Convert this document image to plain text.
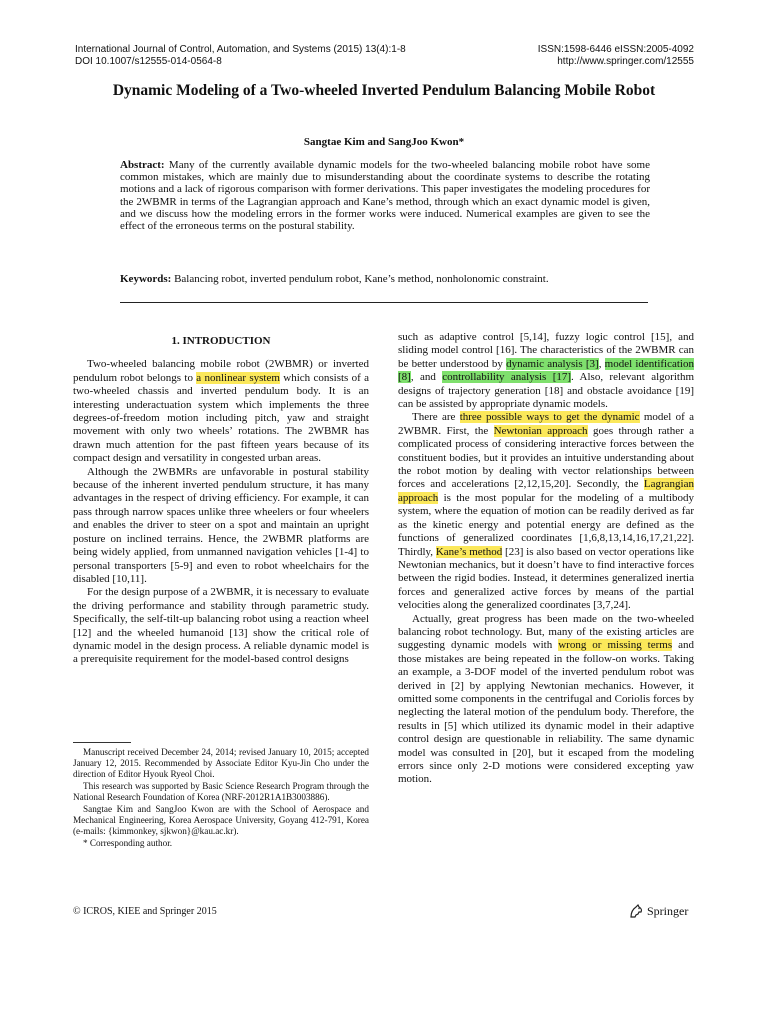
International Journal of Control, Automation, and Systems (2015) 13(4):1-8
DOI 10.1007/s12555-014-0564-8
ISSN:1598-6446 eISSN:2005-4092
http://www.springer.com/12555
Dynamic Modeling of a Two-wheeled Inverted Pendulum Balancing Mobile Robot
Sangtae Kim and SangJoo Kwon*
Abstract: Many of the currently available dynamic models for the two-wheeled balancing mobile robot have some common mistakes, which are mainly due to misunderstanding about the coordinate systems to describe the rotating motions and a lack of rigorous comparison with former derivations. This paper investigates the modeling procedures for the 2WBMR in terms of the Lagrangian approach and Kane’s method, through which an exact dynamic model is given, and we discuss how the modeling errors in the former works were induced. Numerical examples are given to see the effect of the erroneous terms on the postural stability.
Keywords: Balancing robot, inverted pendulum robot, Kane’s method, nonholonomic constraint.

1. INTRODUCTION

Two-wheeled balancing mobile robot (2WBMR) or inverted pendulum robot belongs to a nonlinear system which consists of a two-wheeled chassis and inverted pendulum body. It is an interesting underactuation system which implements the three degrees-of-freedom motion including pitch, yaw and straight movement with only two wheels’ rotations. The 2WBMR has drawn much attention for the past fifteen years because of its compact design and versatility in congested urban areas.

Although the 2WBMRs are unfavorable in postural stability because of the inherent inverted pendulum structure, it has many advantages in the respect of driving efficiency. For example, it can pass through narrow spaces unlike three wheelers or four wheelers and enables the driver to steer on a spot and maintain an upright posture on inclined terrains. Hence, the 2WBMR platforms are being widely applied, from unmanned navigation vehicles [1-4] to personal transporters [5-9] and even to robot wheelchairs for the disabled [10,11].

For the design purpose of a 2WBMR, it is necessary to evaluate the driving performance and stability through parametric study. Specifically, the self-tilt-up balancing robot using a reaction wheel [12] and the wheeled humanoid [13] show the critical role of dynamic model in the design process. A reliable dynamic model is a prerequisite requirement for the model-based control designs

Manuscript received December 24, 2014; revised January 10, 2015; accepted January 12, 2015. Recommended by Associate Editor Kyu-Jin Cho under the direction of Editor Hyouk Ryeol Choi.

This research was supported by Basic Science Research Program through the National Research Foundation of Korea (NRF-2012R1A1B3003886).

Sangtae Kim and SangJoo Kwon are with the School of Aerospace and Mechanical Engineering, Korea Aerospace University, Goyang 412-791, Korea (e-mails: {kimmonkey, sjkwon}@kau.ac.kr).

* Corresponding author.

such as adaptive control [5,14], fuzzy logic control [15], and sliding model control [16]. The characteristics of the 2WBMR can be better understood by dynamic analysis [3], model identification [8], and controllability analysis [17]. Also, relevant algorithm designs of trajectory generation [18] and obstacle avoidance [19] can be assisted by appropriate dynamic models.

There are three possible ways to get the dynamic model of a 2WBMR. First, the Newtonian approach goes through rather a complicated process of considering interactive forces between the constituent bodies, but it provides an intuitive understanding about the robot motion by dealing with vector relationships between forces and accelerations [2,12,15,20]. Secondly, the Lagrangian approach is the most popular for the modeling of a multibody system, where the equation of motion can be readily derived as far as the kinetic energy and potential energy are defined as the functions of generalized coordinates [1,6,8,13,14,16,17,21,22]. Thirdly, Kane’s method [23] is also based on vector operations like Newtonian mechanics, but it doesn’t have to find interactive forces between the rigid bodies. Instead, it determines generalized inertia forces and generalized active forces by means of the partial velocities along the generalized coordinates [3,7,24].

Actually, great progress has been made on the two-wheeled balancing robot technology. But, many of the existing articles are suggesting dynamic models with wrong or missing terms and those mistakes are being repeated in the follow-on works. Taking an example, a 3-DOF model of the inverted pendulum robot was derived in [2] by applying Newtonian mechanics. However, it omitted some components in the centrifugal and Coriolis forces by neglecting the lateral motion of the pendulum body. Therefore, the results in [5] which utilized its dynamic model in their adaptive control design are questionable in reliability. The same dynamic model was consulted in [20], but it escaped from the modeling errors since only 2-D motions were considered excepting yaw motion.

© ICROS, KIEE and Springer 2015	Springer
